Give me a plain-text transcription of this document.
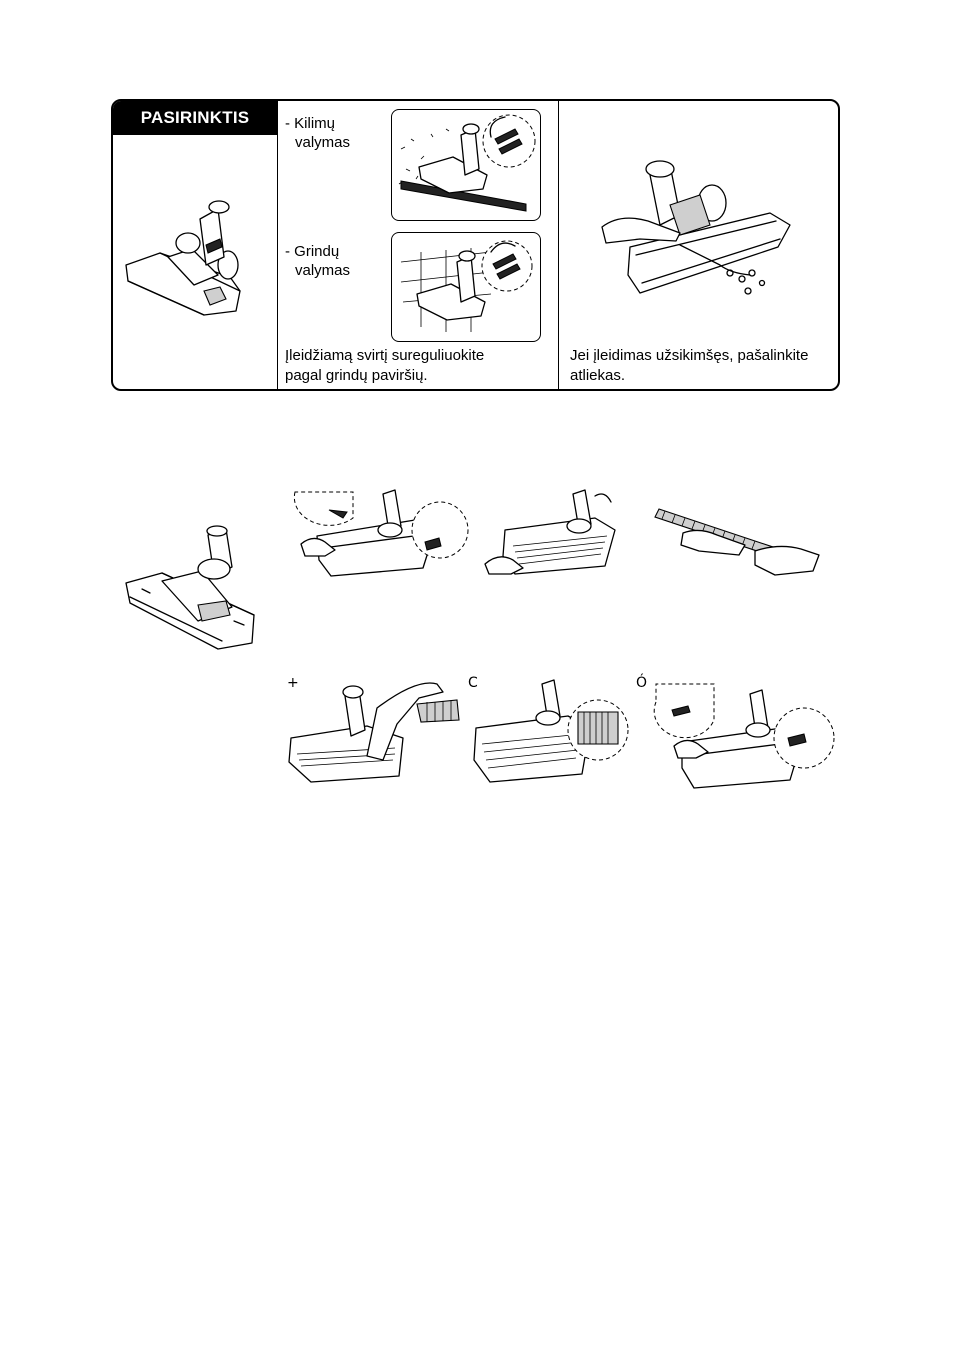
PASIRINKTIS	- Kilimų
valymas
- Grindų
valymas
Įleidžiamą svirtį sureguliuokite
pagal grindų paviršių.
Jei įleidimas užsikimšęs, pašalinkite
atliekas.
+	C	Ó
